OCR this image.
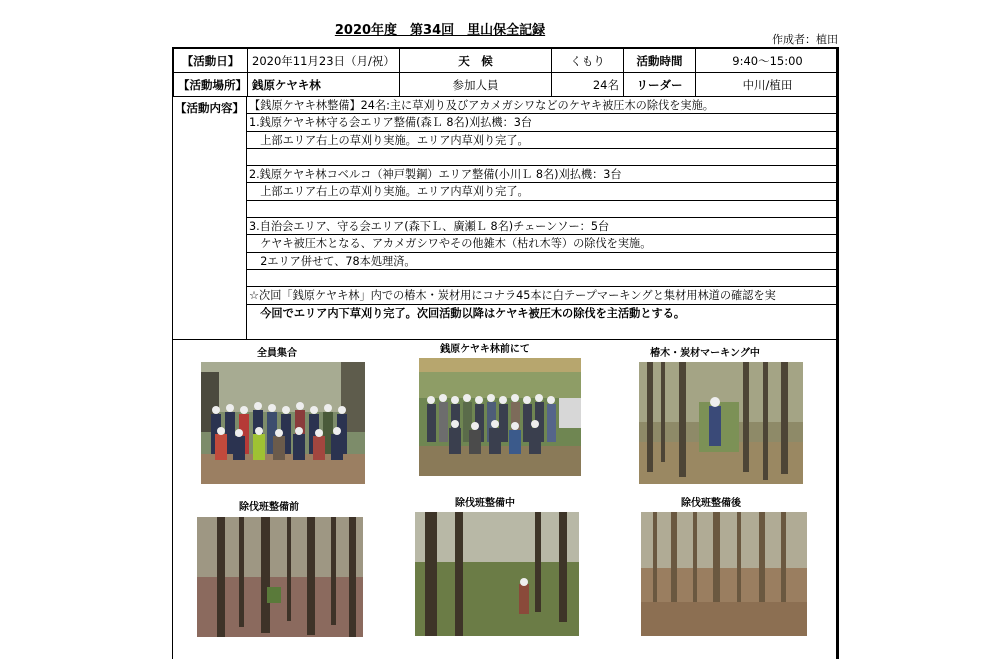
2020年度　第34回　里山保全記録
作成者：植田
【活動日】	2020年11月23日（月/祝）	天　候	くもり	活動時間	9:40〜15:00
【活動場所】	銭原ケヤキ林	参加人員	24名	リーダー	中川/植田
【活動内容】 【銭原ケヤキ林整備】24名:主に草刈り及びアカメガシワなどのケヤキ被圧木の除伐を実施。
1.銭原ケヤキ林守る会エリア整備(森Ｌ 8名)刈払機：3台
　上部エリア右上の草刈り実施。エリア内草刈り完了。
2.銭原ケヤキ林コベルコ（神戸製鋼）エリア整備(小川Ｌ 8名)刈払機：3台
　上部エリア右上の草刈り実施。エリア内草刈り完了。
3.自治会エリア、守る会エリア(森下Ｌ、廣瀬Ｌ 8名)チェーンソー：5台
　ケヤキ被圧木となる、アカメガシワやその他雑木（枯れ木等）の除伐を実施。
　2エリア併せて、78本処理済。
☆次回「銭原ケヤキ林」内での椿木・炭材用にコナラ45本に白テープマーキングと集材用林道の確認を実
　今回でエリア内下草刈り完了。次回活動以降はケヤキ被圧木の除伐を主活動とする。
全員集合	銭原ケヤキ林前にて	椿木・炭材マーキング中
除伐班整備前	除伐班整備中	除伐班整備後
